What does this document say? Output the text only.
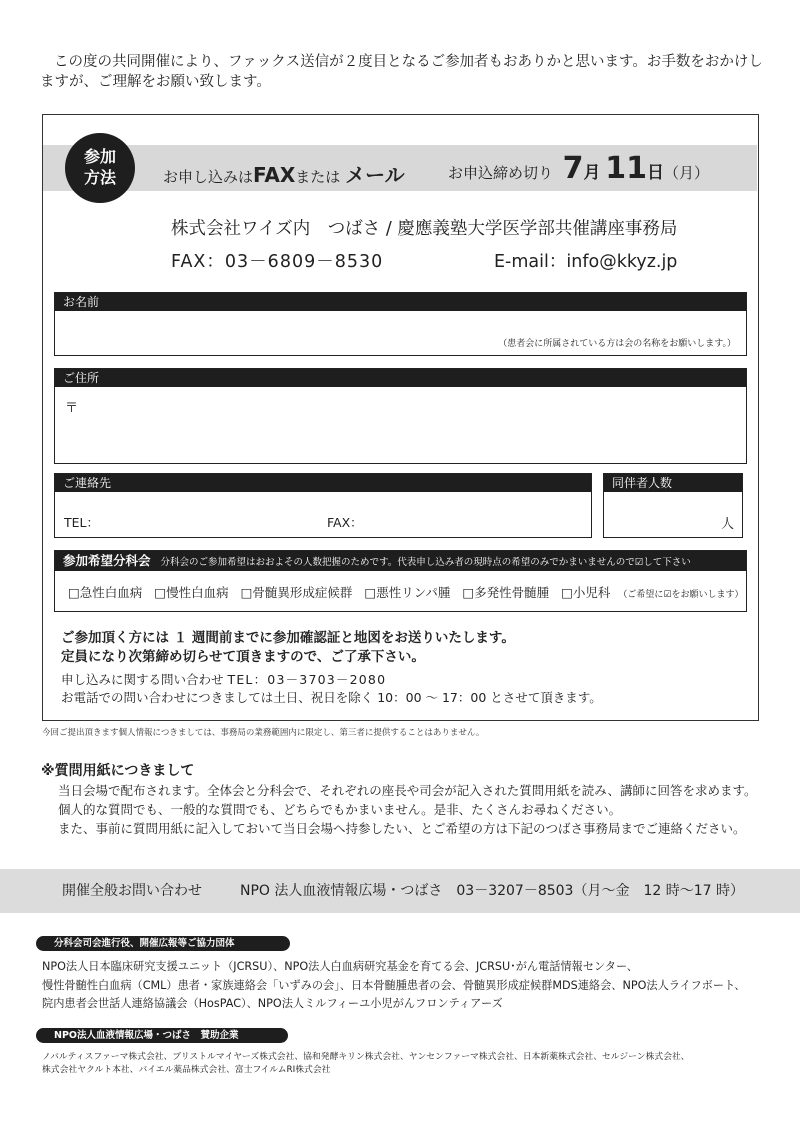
この度の共同開催により、ファックス送信が２度目となるご参加者もおありかと思います。お手数をおかけしますが、ご理解をお願い致します。

参加
方法	お申し込みはFAXまたは メール	お申込締め切り 7月 11日（月）
株式会社ワイズ内　つばさ / 慶應義塾大学医学部共催講座事務局
FAX：03－6809－8530	E-mail：info@kkyz.jp
お名前
（患者会に所属されている方は会の名称をお願いします。）
ご住所
〒
ご連絡先
TEL：	FAX：
同伴者人数
人
参加希望分科会 分科会のご参加希望はおおよその人数把握のためです。代表申し込み者の現時点の希望のみでかまいませんので☑して下さい
□急性白血病 □慢性白血病 □骨髄異形成症候群 □悪性リンパ腫 □多発性骨髄腫 □小児科 （ご希望に☑をお願いします）
ご参加頂く方には １ 週間前までに参加確認証と地図をお送りいたします。
定員になり次第締め切らせて頂きますので、ご了承下さい。
申し込みに関する問い合わせ TEL：03－3703－2080
お電話での問い合わせにつきましては土日、祝日を除く 10：00 ～ 17：00 とさせて頂きます。
今回ご提出頂きます個人情報につきましては、事務局の業務範囲内に限定し、第三者に提供することはありません。
※質問用紙につきまして
当日会場で配布されます。全体会と分科会で、それぞれの座長や司会が記入された質問用紙を読み、講師に回答を求めます。
個人的な質問でも、一般的な質問でも、どちらでもかまいません。是非、たくさんお尋ねください。
また、事前に質問用紙に記入しておいて当日会場へ持参したい、とご希望の方は下記のつばさ事務局までご連絡ください。
開催全般お問い合わせ	NPO 法人血液情報広場・つばさ　03－3207－8503（月～金　12 時～17 時）
分科会司会進行役、開催広報等ご協力団体
NPO法人日本臨床研究支援ユニット（JCRSU）、NPO法人白血病研究基金を育てる会、JCRSU･がん電話情報センター、
慢性骨髄性白血病（CML）患者・家族連絡会「いずみの会」、日本骨髄腫患者の会、骨髄異形成症候群MDS連絡会、NPO法人ライフボート、
院内患者会世話人連絡協議会（HosPAC）、NPO法人ミルフィーユ小児がんフロンティアーズ
NPO法人血液情報広場・つばさ　賛助企業
ノバルティスファーマ株式会社、ブリストルマイヤーズ株式会社、協和発酵キリン株式会社、ヤンセンファーマ株式会社、日本新薬株式会社、セルジーン株式会社、
株式会社ヤクルト本社、バイエル薬品株式会社、富士フイルムRI株式会社
